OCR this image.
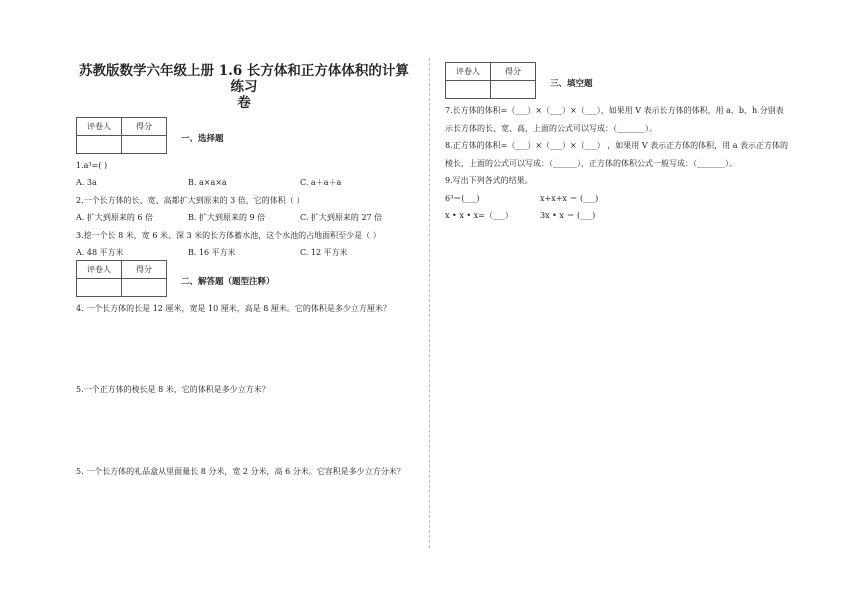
苏教版数学六年级上册 1.6 长方体和正方体体积的计算练习
卷
评卷人	得分

一、选择题
1.a³=( )
A. 3a	B. a×a×a	C. a＋a＋a
2.一个长方体的长、宽、高都扩大到原来的 3 倍，它的体积（ ）
A. 扩大到原来的 6 倍	B. 扩大到原来的 9 倍	C. 扩大到原来的 27 倍
3.挖一个长 8 米，宽 6 米、深 3 米的长方体蓄水池，这个水池的占地面积至少是（ ）
A. 48 平方米	B. 16 平方米	C. 12 平方米
评卷人	得分

二、解答题（题型注释）
4. 一个长方体的长是 12 厘米，宽是 10 厘米，高是 8 厘米。它的体积是多少立方厘米？
5.一个正方体的棱长是 8 米，它的体积是多少立方米？
5. 一个长方体的礼品盒从里面量长 8 分米，宽 2 分米，高 6 分米。它容积是多少立方分米？
评卷人	得分

三、填空题
7.长方体的体积=（___）×（___）×（___），如果用 V 表示长方体的体积，用 a、b、h 分别表示长方体的长、宽、高，上面的公式可以写成：（_______）。
8.正方体的体积=（___）×（___）×（___） ，如果用 V 表示正方体的体积，用 a 表示正方体的棱长，上面的公式可以写成：（______），正方体的体积公式一般写成：（_______）。
9.写出下列各式的结果。
6³＝(___)	x+x+x ＝ (___)
x • x • x=（___）	3x • x ＝ (___)
